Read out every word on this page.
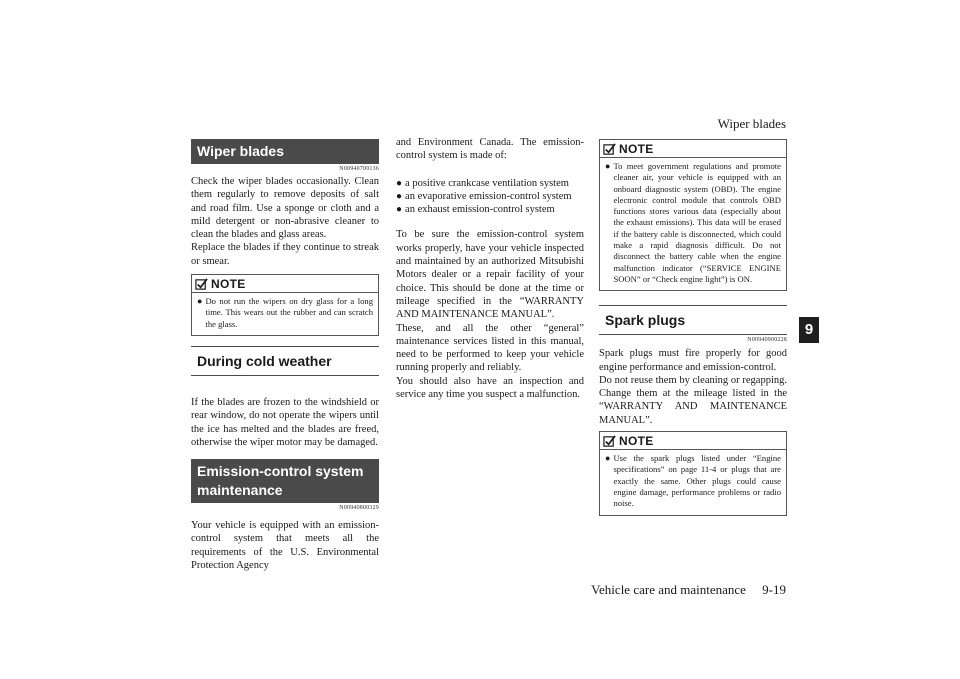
Wiper blades
9
Vehicle care and maintenance     9-19
Wiper blades
N00940700136

Check the wiper blades occasionally. Clean them regularly to remove deposits of salt and road film. Use a sponge or cloth and a mild detergent or non-abrasive cleaner to clean the blades and glass areas.

Replace the blades if they continue to streak or smear.

NOTE
● Do not run the wipers on dry glass for a long time. This wears out the rubber and can scratch the glass.
During cold weather
If the blades are frozen to the windshield or rear window, do not operate the wipers until the ice has melted and the blades are freed, otherwise the wiper motor may be damaged.
Emission-control system maintenance
N00940800329
Your vehicle is equipped with an emission-control system that meets all the requirements of the U.S. Environmental Protection Agency
and Environment Canada. The emission-control system is made of:
● a positive crankcase ventilation system
● an evaporative emission-control system
● an exhaust emission-control system
To be sure the emission-control system works properly, have your vehicle inspected and maintained by an authorized Mitsubishi Motors dealer or a repair facility of your choice. This should be done at the time or mileage specified in the “WARRANTY AND MAINTENANCE MANUAL”.
These, and all the other “general” maintenance services listed in this manual, need to be performed to keep your vehicle running properly and reliably.
You should also have an inspection and service any time you suspect a malfunction.
NOTE
● To meet government regulations and promote cleaner air, your vehicle is equipped with an onboard diagnostic system (OBD). The engine electronic control module that controls OBD functions stores various data (especially about the exhaust emissions). This data will be erased if the battery cable is disconnected, which could make a rapid diagnosis difficult. Do not disconnect the battery cable when the engine malfunction indicator (“SERVICE ENGINE SOON” or “Check engine light”) is ON.
Spark plugs
N00940900228
Spark plugs must fire properly for good engine performance and emission-control.
Do not reuse them by cleaning or regapping. Change them at the mileage listed in the “WARRANTY AND MAINTENANCE MANUAL”.
NOTE
● Use the spark plugs listed under “Engine specifications” on page 11-4 or plugs that are exactly the same. Other plugs could cause engine damage, performance problems or radio noise.
